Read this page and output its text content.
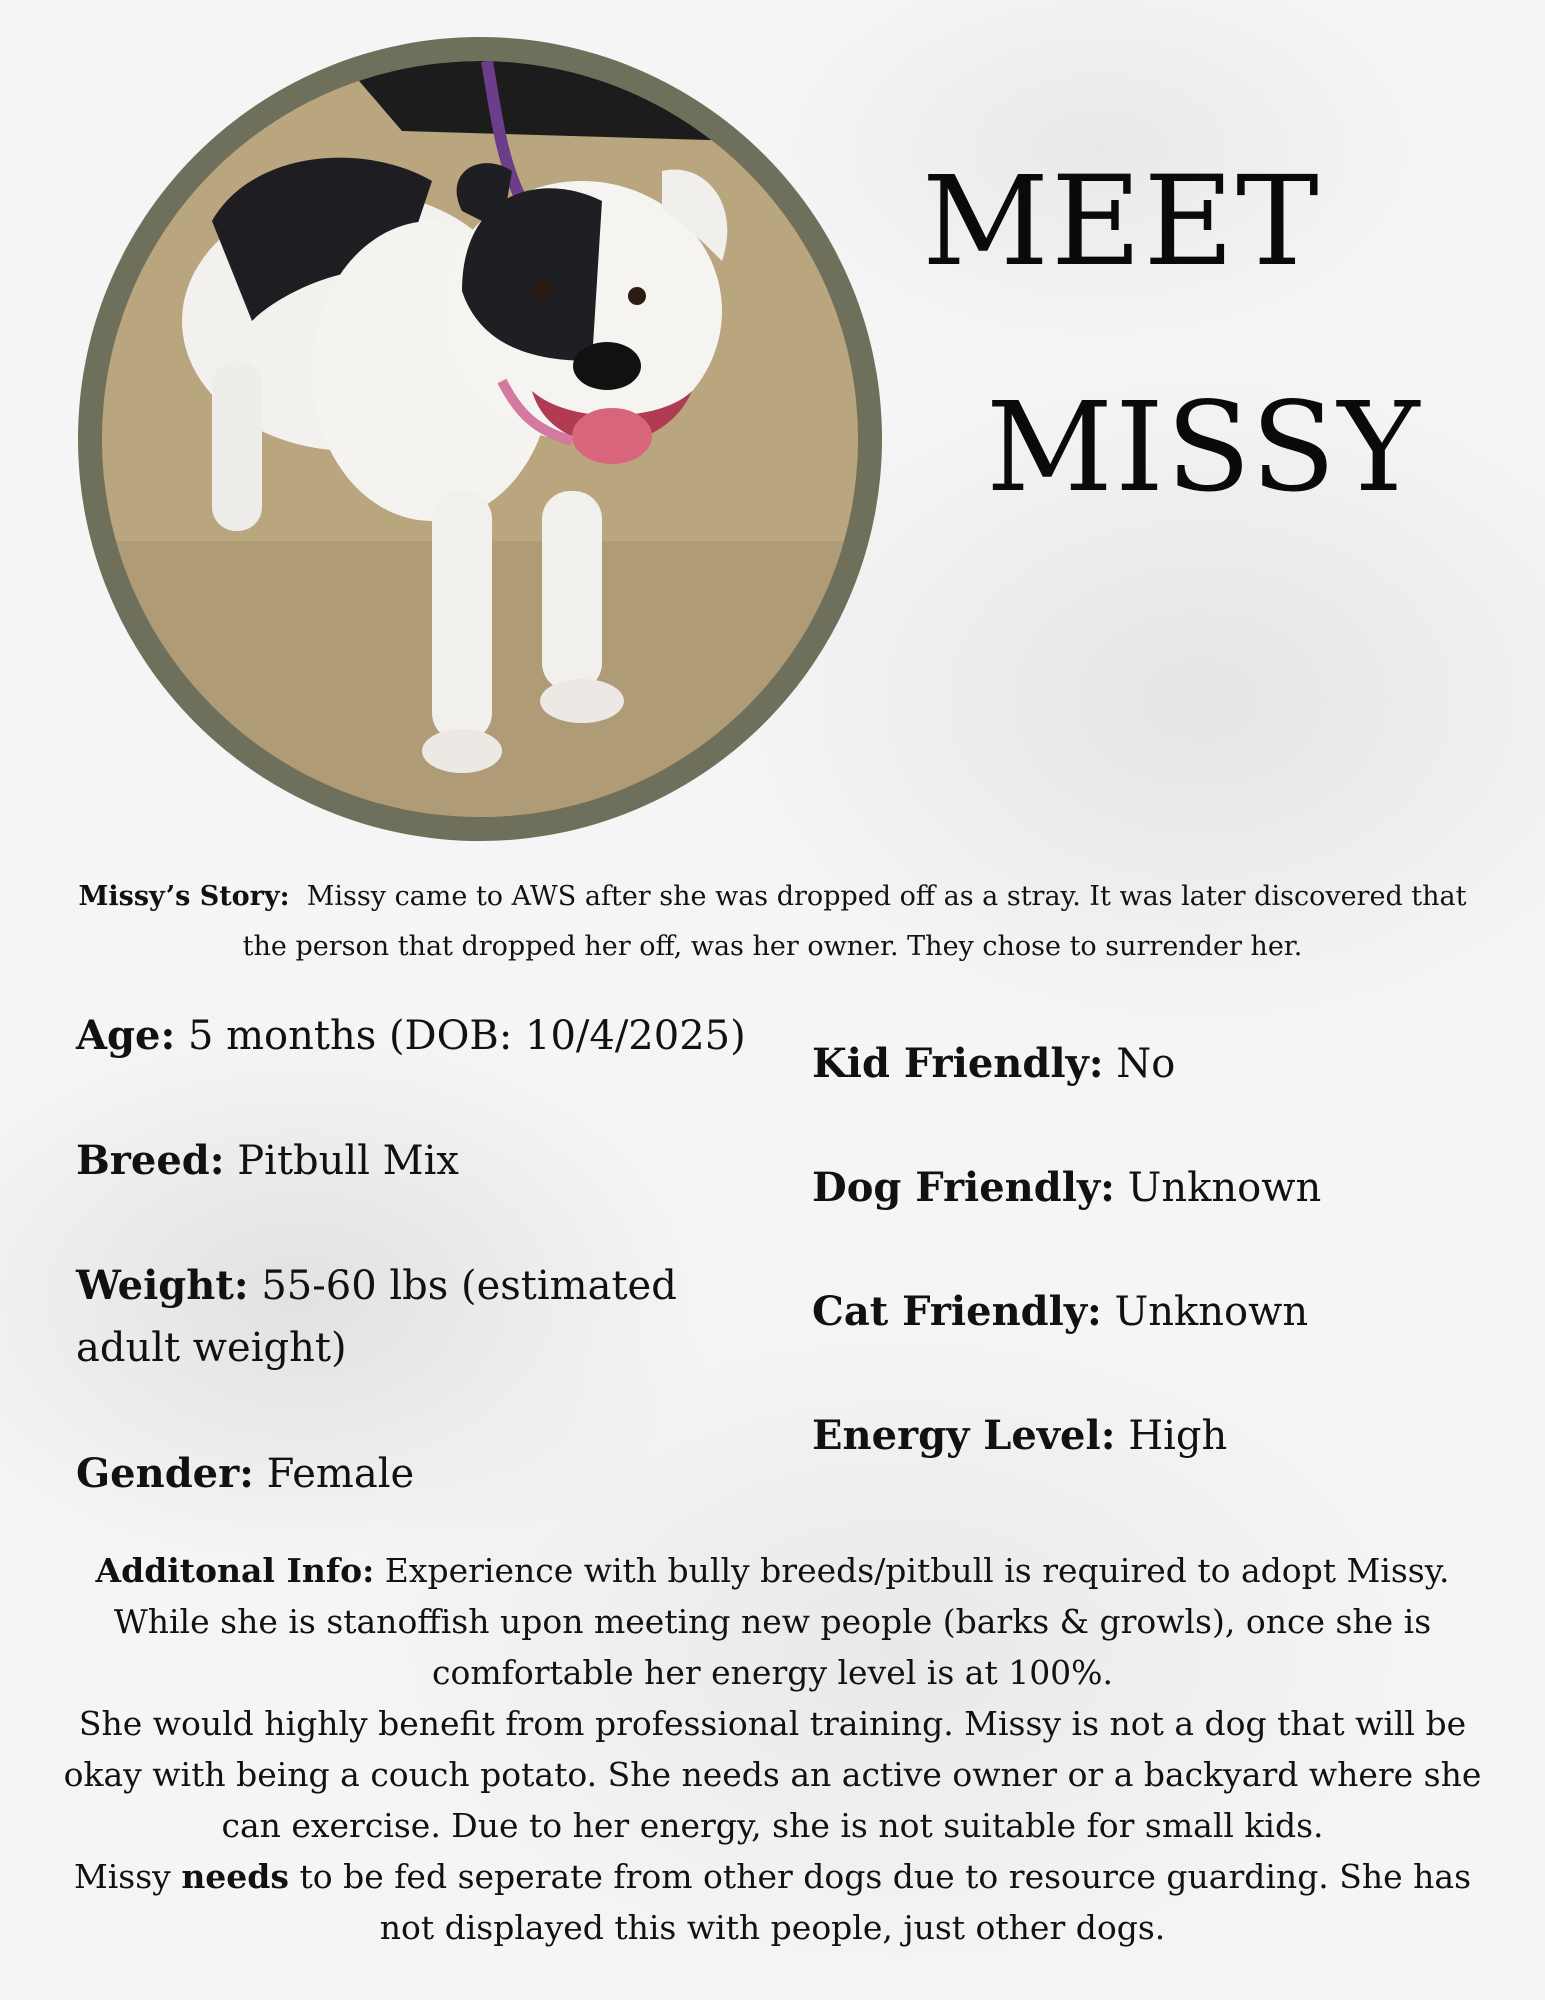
MEET
MISSY
Missy’s Story: Missy came to AWS after she was dropped off as a stray. It was later discovered that the person that dropped her off, was her owner. They chose to surrender her.
Age: 5 months (DOB: 10/4/2025)
Breed: Pitbull Mix
Weight: 55-60 lbs (estimated adult weight)
Gender: Female
Kid Friendly: No
Dog Friendly: Unknown
Cat Friendly: Unknown
Energy Level: High
Additonal Info: Experience with bully breeds/pitbull is required to adopt Missy. While she is stanoffish upon meeting new people (barks & growls), once she is comfortable her energy level is at 100%.
She would highly benefit from professional training. Missy is not a dog that will be okay with being a couch potato. She needs an active owner or a backyard where she can exercise. Due to her energy, she is not suitable for small kids.
Missy needs to be fed seperate from other dogs due to resource guarding. She has not displayed this with people, just other dogs.
